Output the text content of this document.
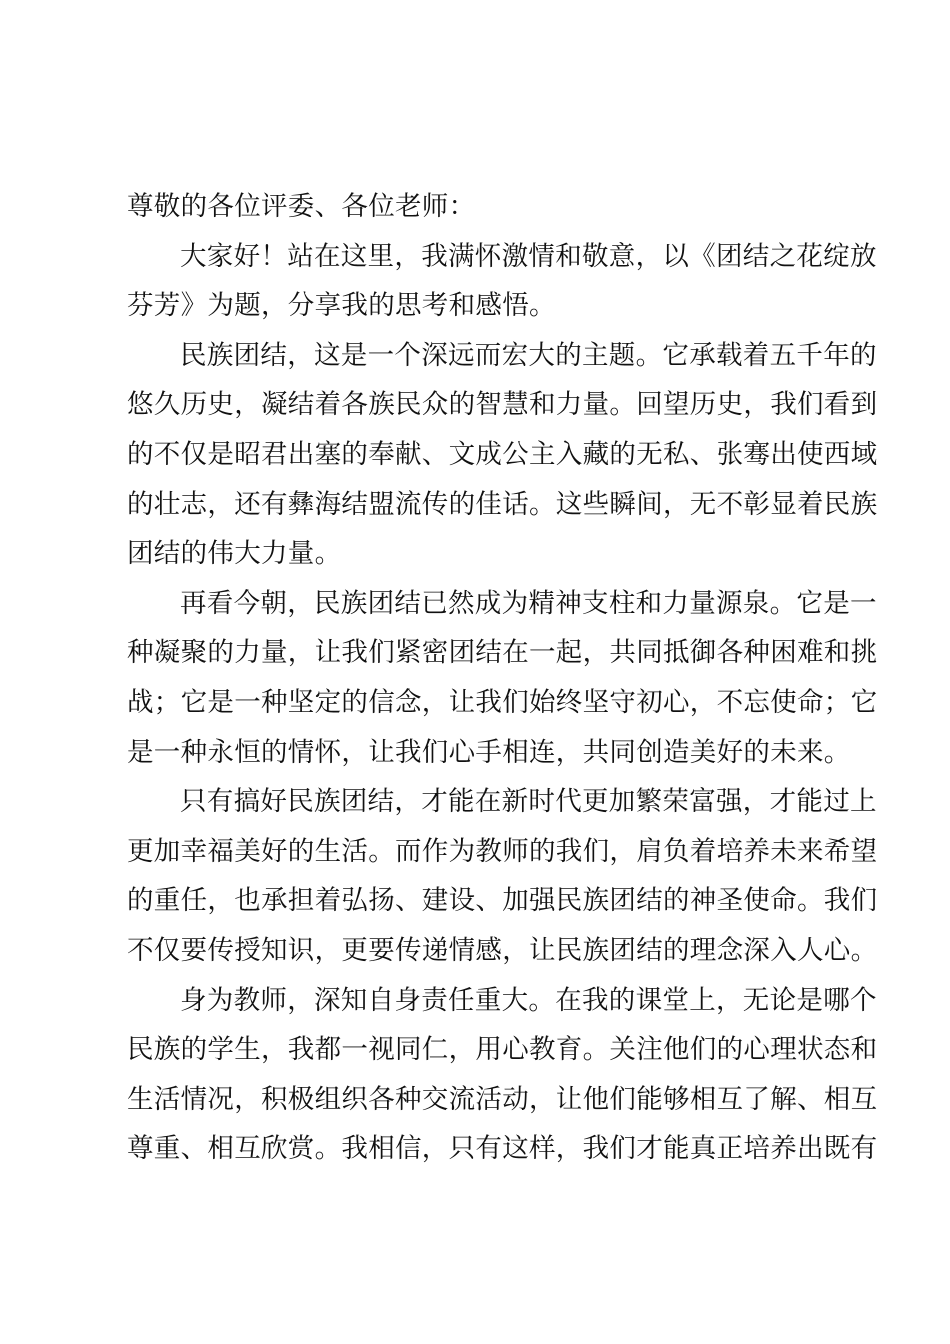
尊敬的各位评委、各位老师：
大家好！站在这里，我满怀激情和敬意，以《团结之花绽放
芬芳》为题，分享我的思考和感悟。
民族团结，这是一个深远而宏大的主题。它承载着五千年的
悠久历史，凝结着各族民众的智慧和力量。回望历史，我们看到
的不仅是昭君出塞的奉献、文成公主入藏的无私、张骞出使西域
的壮志，还有彝海结盟流传的佳话。这些瞬间，无不彰显着民族
团结的伟大力量。
再看今朝，民族团结已然成为精神支柱和力量源泉。它是一
种凝聚的力量，让我们紧密团结在一起，共同抵御各种困难和挑
战；它是一种坚定的信念，让我们始终坚守初心，不忘使命；它
是一种永恒的情怀，让我们心手相连，共同创造美好的未来。
只有搞好民族团结，才能在新时代更加繁荣富强，才能过上
更加幸福美好的生活。而作为教师的我们，肩负着培养未来希望
的重任，也承担着弘扬、建设、加强民族团结的神圣使命。我们
不仅要传授知识，更要传递情感，让民族团结的理念深入人心。
身为教师，深知自身责任重大。在我的课堂上，无论是哪个
民族的学生，我都一视同仁，用心教育。关注他们的心理状态和
生活情况，积极组织各种交流活动，让他们能够相互了解、相互
尊重、相互欣赏。我相信，只有这样，我们才能真正培养出既有
